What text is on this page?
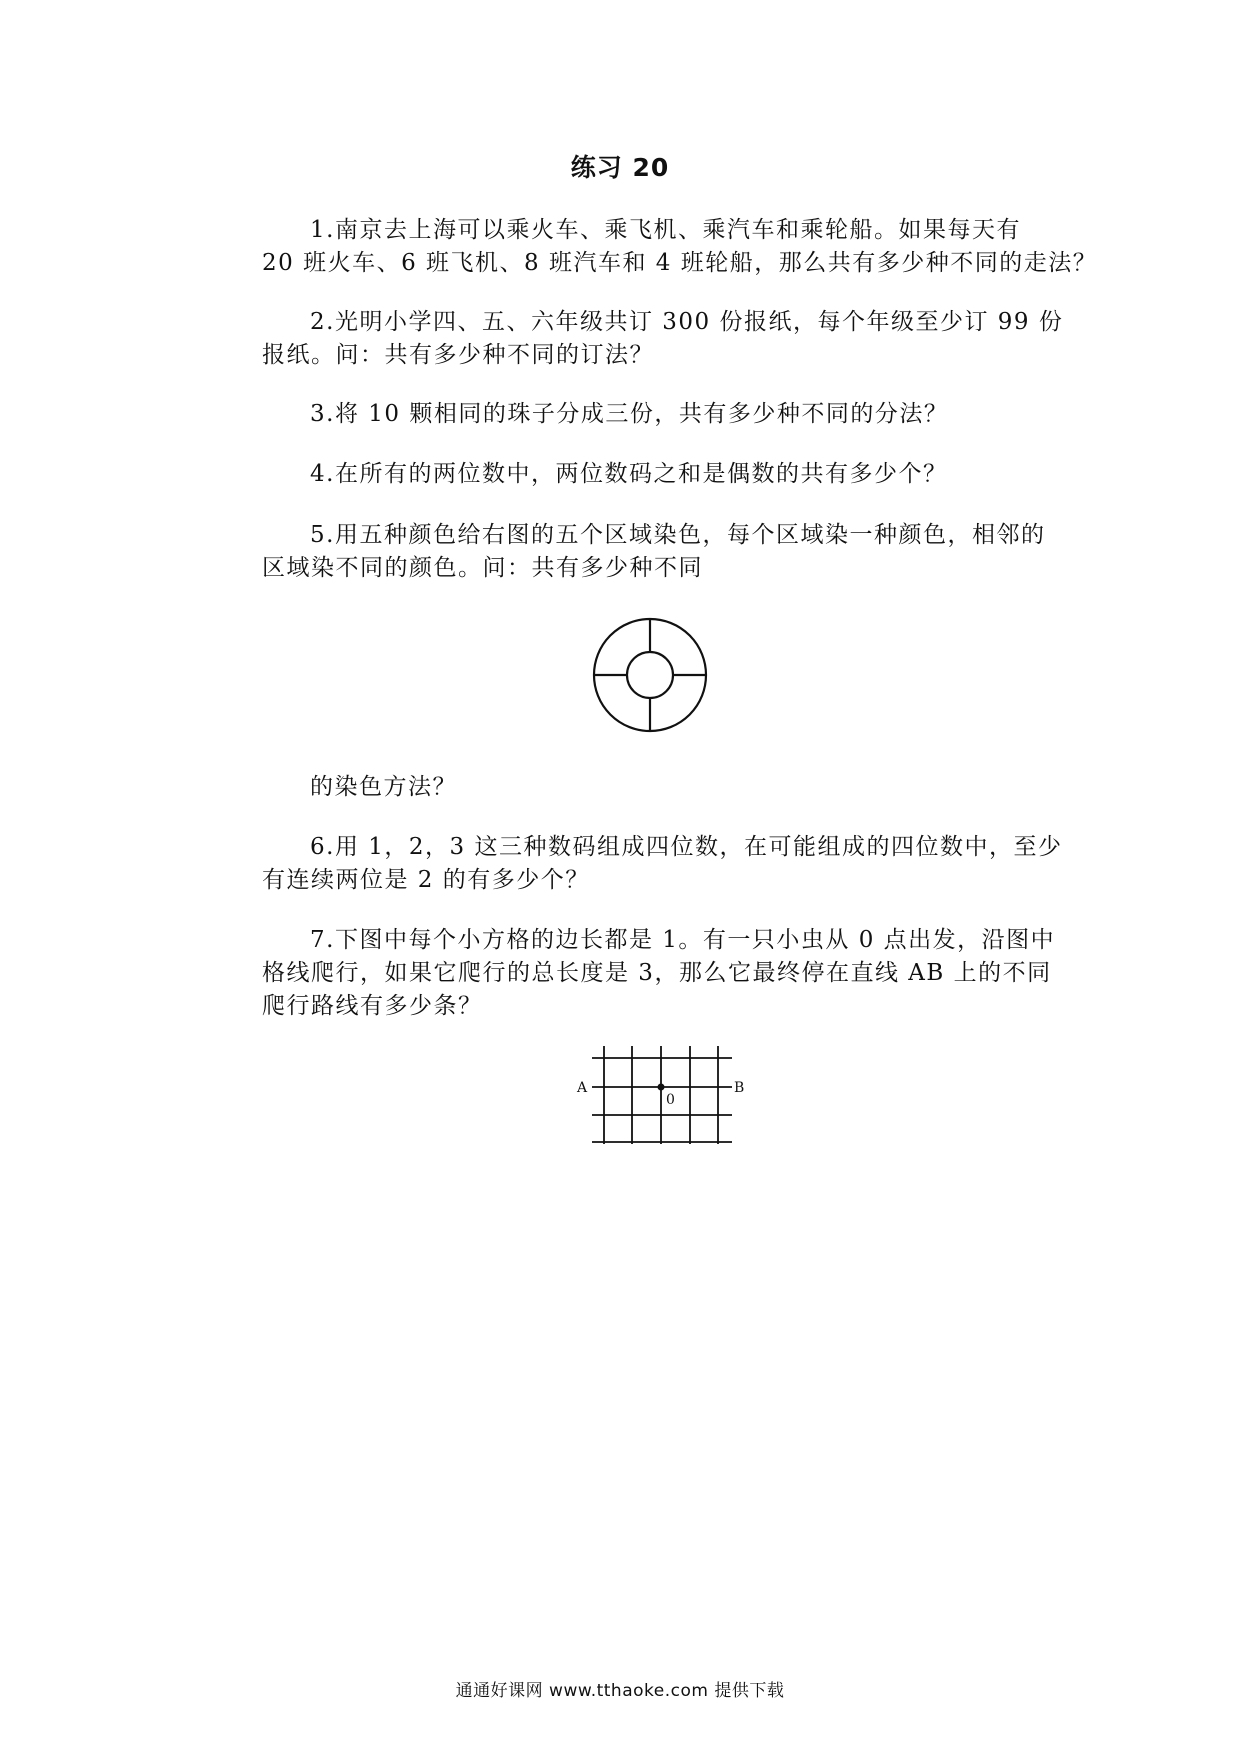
练习 20
1.南京去上海可以乘火车、乘飞机、乘汽车和乘轮船。如果每天有
20 班火车、6 班飞机、8 班汽车和 4 班轮船，那么共有多少种不同的走法？
2.光明小学四、五、六年级共订 300 份报纸，每个年级至少订 99 份
报纸。问：共有多少种不同的订法？
3.将 10 颗相同的珠子分成三份，共有多少种不同的分法？
4.在所有的两位数中，两位数码之和是偶数的共有多少个？
5.用五种颜色给右图的五个区域染色，每个区域染一种颜色，相邻的
区域染不同的颜色。问：共有多少种不同
的染色方法？
6.用 1，2，3 这三种数码组成四位数，在可能组成的四位数中，至少
有连续两位是 2 的有多少个？
7.下图中每个小方格的边长都是 1。有一只小虫从 0 点出发，沿图中
格线爬行，如果它爬行的总长度是 3，那么它最终停在直线 AB 上的不同
爬行路线有多少条？
A	B
0
通通好课网 www.tthaoke.com 提供下载
